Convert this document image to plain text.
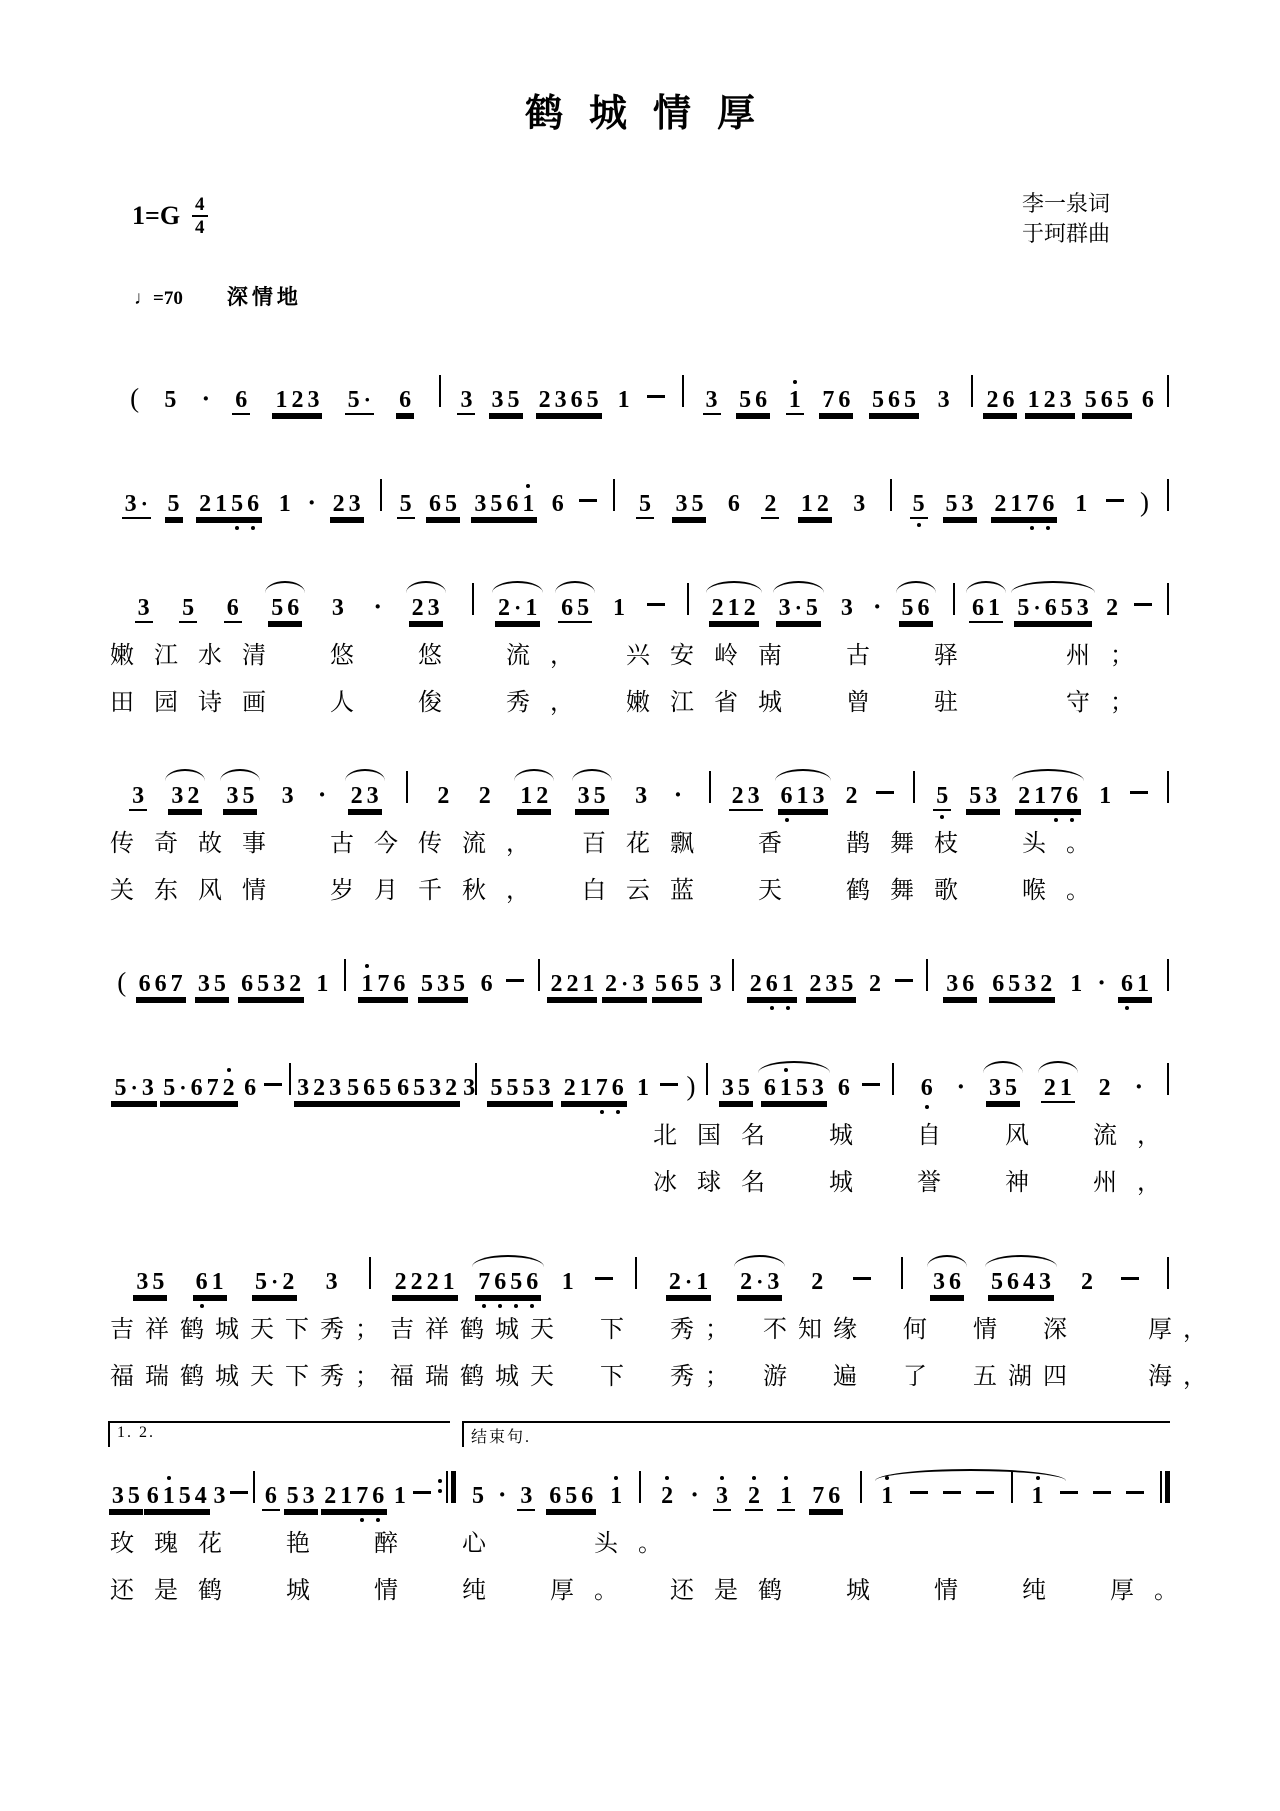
鹤城情厚
$1=G \frac{4}{4}$	李一泉词
于珂群曲
♩=70 深情地
( 5 · 6 1 2 3 5 · 6 3 3 5 2 3 6 5 1	3 5 6 1 7 6 5 6 5 3 2 6 1 2 3 5 6 5 6
3 · 5 2 1 5 6 1 · 2 3 5 6 5 3 5 6 1 6	5 3 5 6 2 1 2 3 5 5 3 2 1 7 6 1 )
3 5 6 5 6 3 · 2 3 2 · 1 6 5 1	2 1 2 3 · 5 3 · 5 6 6 1 5 · 6 5 3 2
嫩江水清　悠　悠　流，　兴安岭南　古　驿　　州；
田园诗画　人　俊　秀，　嫩江省城　曾　驻　　守；
3 3 2 3 5 3 · 2 3 2 2 1 2 3 5 3 · 2 3 6 1 3 2	5 5 3 2 1 7 6 1
传奇故事　古今传流，　百花飘　香　鹊舞枝　头。
关东风情　岁月千秋，　白云蓝　天　鹤舞歌　喉。
( 6 6 7 3 5 6 5 3 2 1 1 7 6 5 3 5 6 2 2 1 2 · 3 5 6 5 3 2 6 1 2 3 5 2	3 6 6 5 3 2 1 · 6 1
5 · 3 5 · 6 7 2 6 3 2 3 5 6 5 6 5 3 2 3 5 5 5 3 2 1 7 6 1 ) 3 5 6 1 5 3 6	6 · 3 5 2 1 2 ·
北国名　城　自　风　流，
冰球名　城　誉　神　州，
3 5 6 1 5 · 2 3 2 2 2 1 7 6 5 6 1	2 · 1 2 · 3 2	3 6 5 6 4 3 2
吉祥鹤城天下秀；吉祥鹤城天　下　秀；　不知缘　何　情　深　　厚，
福瑞鹤城天下秀；福瑞鹤城天　下　秀；　游　遍　了　五湖四　　海，
1. 2.	结束句.
3 5 6 1 5 4 3 6 5 3 2 1 7 6 1	5 · 3 6 5 6 1 2 · 3 2 1 7 6 1	1
玫瑰花　艳　醉　心　　头。
还是鹤　城　情　纯　厚。　还是鹤　城　情　纯　厚。
